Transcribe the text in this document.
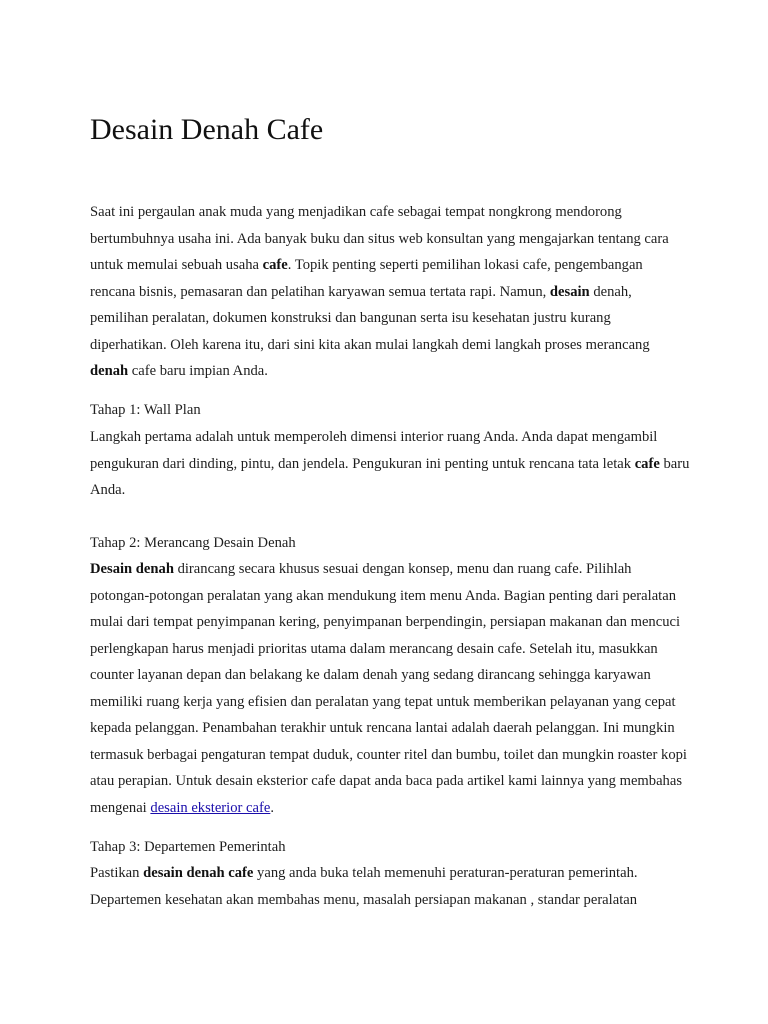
Desain Denah Cafe

Saat ini pergaulan anak muda yang menjadikan cafe sebagai tempat nongkrong mendorong bertumbuhnya usaha ini. Ada banyak buku dan situs web konsultan yang mengajarkan tentang cara untuk memulai sebuah usaha cafe. Topik penting seperti pemilihan lokasi cafe, pengembangan rencana bisnis, pemasaran dan pelatihan karyawan semua tertata rapi. Namun, desain denah, pemilihan peralatan, dokumen konstruksi dan bangunan serta isu kesehatan justru kurang diperhatikan. Oleh karena itu, dari sini kita akan mulai langkah demi langkah proses merancang denah cafe baru impian Anda.

Tahap 1: Wall Plan

Langkah pertama adalah untuk memperoleh dimensi interior ruang Anda. Anda dapat mengambil pengukuran dari dinding, pintu, dan jendela. Pengukuran ini penting untuk rencana tata letak cafe baru Anda.

Tahap 2: Merancang Desain Denah

Desain denah dirancang secara khusus sesuai dengan konsep, menu dan ruang cafe. Pilihlah potongan-potongan peralatan yang akan mendukung item menu Anda. Bagian penting dari peralatan mulai dari tempat penyimpanan kering, penyimpanan berpendingin, persiapan makanan dan mencuci perlengkapan harus menjadi prioritas utama dalam merancang desain cafe. Setelah itu, masukkan counter layanan depan dan belakang ke dalam denah yang sedang dirancang sehingga karyawan memiliki ruang kerja yang efisien dan peralatan yang tepat untuk memberikan pelayanan yang cepat kepada pelanggan. Penambahan terakhir untuk rencana lantai adalah daerah pelanggan. Ini mungkin termasuk berbagai pengaturan tempat duduk, counter ritel dan bumbu, toilet dan mungkin roaster kopi atau perapian. Untuk desain eksterior cafe dapat anda baca pada artikel kami lainnya yang membahas mengenai desain eksterior cafe.

Tahap 3: Departemen Pemerintah

Pastikan desain denah cafe yang anda buka telah memenuhi peraturan-peraturan pemerintah. Departemen kesehatan akan membahas menu, masalah persiapan makanan , standar peralatan
